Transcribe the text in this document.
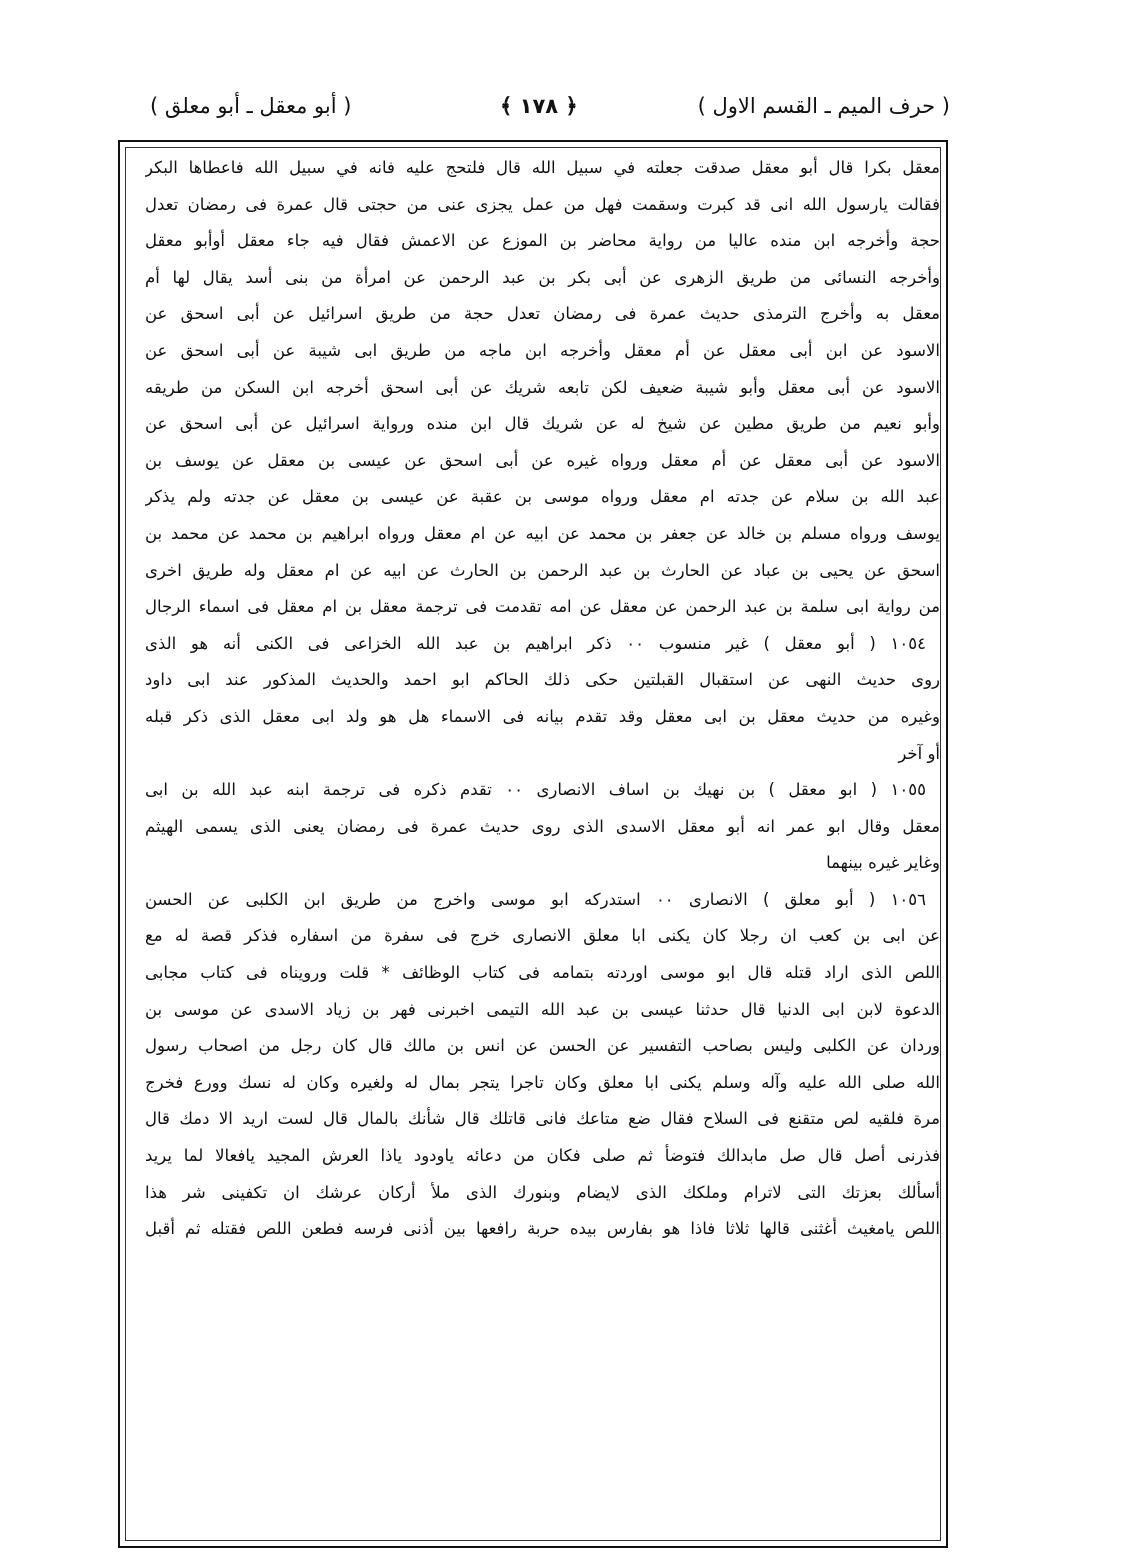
( حرف الميم ـ القسم الاول )
﴿ ١٧٨ ﴾
( أبو معقل ـ أبو معلق )
معقل بكرا قال أبو معقل صدقت جعلته في سبيل الله قال فلتحج عليه فانه في سبيل الله فاعطاها البكر
فقالت يارسول الله انى قد كبرت وسقمت فهل من عمل يجزى عنى من حجتى قال عمرة فى رمضان تعدل
حجة وأخرجه ابن منده عاليا من رواية محاضر بن الموزع عن الاعمش فقال فيه جاء معقل أوأبو معقل
وأخرجه النسائى من طريق الزهرى عن أبى بكر بن عبد الرحمن عن امرأة من بنى أسد يقال لها أم
معقل به وأخرج الترمذى حديث عمرة فى رمضان تعدل حجة من طريق اسرائيل عن أبى اسحق عن
الاسود عن ابن أبى معقل عن أم معقل وأخرجه ابن ماجه من طريق ابى شيبة عن أبى اسحق عن
الاسود عن أبى معقل وأبو شيبة ضعيف لكن تابعه شريك عن أبى اسحق أخرجه ابن السكن من طريقه
وأبو نعيم من طريق مطين عن شيخ له عن شريك قال ابن منده ورواية اسرائيل عن أبى اسحق عن
الاسود عن أبى معقل عن أم معقل ورواه غيره عن أبى اسحق عن عيسى بن معقل عن يوسف بن
عبد الله بن سلام عن جدته ام معقل ورواه موسى بن عقبة عن عيسى بن معقل عن جدته ولم يذكر
يوسف ورواه مسلم بن خالد عن جعفر بن محمد عن ابيه عن ام معقل ورواه ابراهيم بن محمد عن محمد بن
اسحق عن يحيى بن عباد عن الحارث بن عبد الرحمن بن الحارث عن ابيه عن ام معقل وله طريق اخرى
من رواية ابى سلمة بن عبد الرحمن عن معقل عن امه تقدمت فى ترجمة معقل بن ام معقل فى اسماء الرجال
١٠٥٤ ( أبو معقل ) غير منسوب ٠٠ ذكر ابراهيم بن عبد الله الخزاعى فى الكنى أنه هو الذى
روى حديث النهى عن استقبال القبلتين حكى ذلك الحاكم ابو احمد والحديث المذكور عند ابى داود
وغيره من حديث معقل بن ابى معقل وقد تقدم بيانه فى الاسماء هل هو ولد ابى معقل الذى ذكر قبله
أو آخر
١٠٥٥ ( ابو معقل ) بن نهيك بن اساف الانصارى ٠٠ تقدم ذكره فى ترجمة ابنه عبد الله بن ابى
معقل وقال ابو عمر انه أبو معقل الاسدى الذى روى حديث عمرة فى رمضان يعنى الذى يسمى الهيثم
وغاير غيره بينهما
١٠٥٦ ( أبو معلق ) الانصارى ٠٠ استدركه ابو موسى واخرج من طريق ابن الكلبى عن الحسن
عن ابى بن كعب ان رجلا كان يكنى ابا معلق الانصارى خرج فى سفرة من اسفاره فذكر قصة له مع
اللص الذى اراد قتله قال ابو موسى اوردته بتمامه فى كتاب الوظائف * قلت ورويناه فى كتاب مجابى
الدعوة لابن ابى الدنيا قال حدثنا عيسى بن عبد الله التيمى اخبرنى فهر بن زياد الاسدى عن موسى بن
وردان عن الكلبى وليس بصاحب التفسير عن الحسن عن انس بن مالك قال كان رجل من اصحاب رسول
الله صلى الله عليه وآله وسلم يكنى ابا معلق وكان تاجرا يتجر بمال له ولغيره وكان له نسك وورع فخرج
مرة فلقيه لص متقنع فى السلاح فقال ضع متاعك فانى قاتلك قال شأنك بالمال قال لست اريد الا دمك قال
فذرنى أصل قال صل مابدالك فتوضأ ثم صلى فكان من دعائه ياودود ياذا العرش المجيد يافعالا لما يريد
أسألك بعزتك التى لاترام وملكك الذى لايضام وبنورك الذى ملأ أركان عرشك ان تكفينى شر هذا
اللص يامغيث أغثنى قالها ثلاثا فاذا هو بفارس بيده حربة رافعها بين أذنى فرسه فطعن اللص فقتله ثم أقبل
